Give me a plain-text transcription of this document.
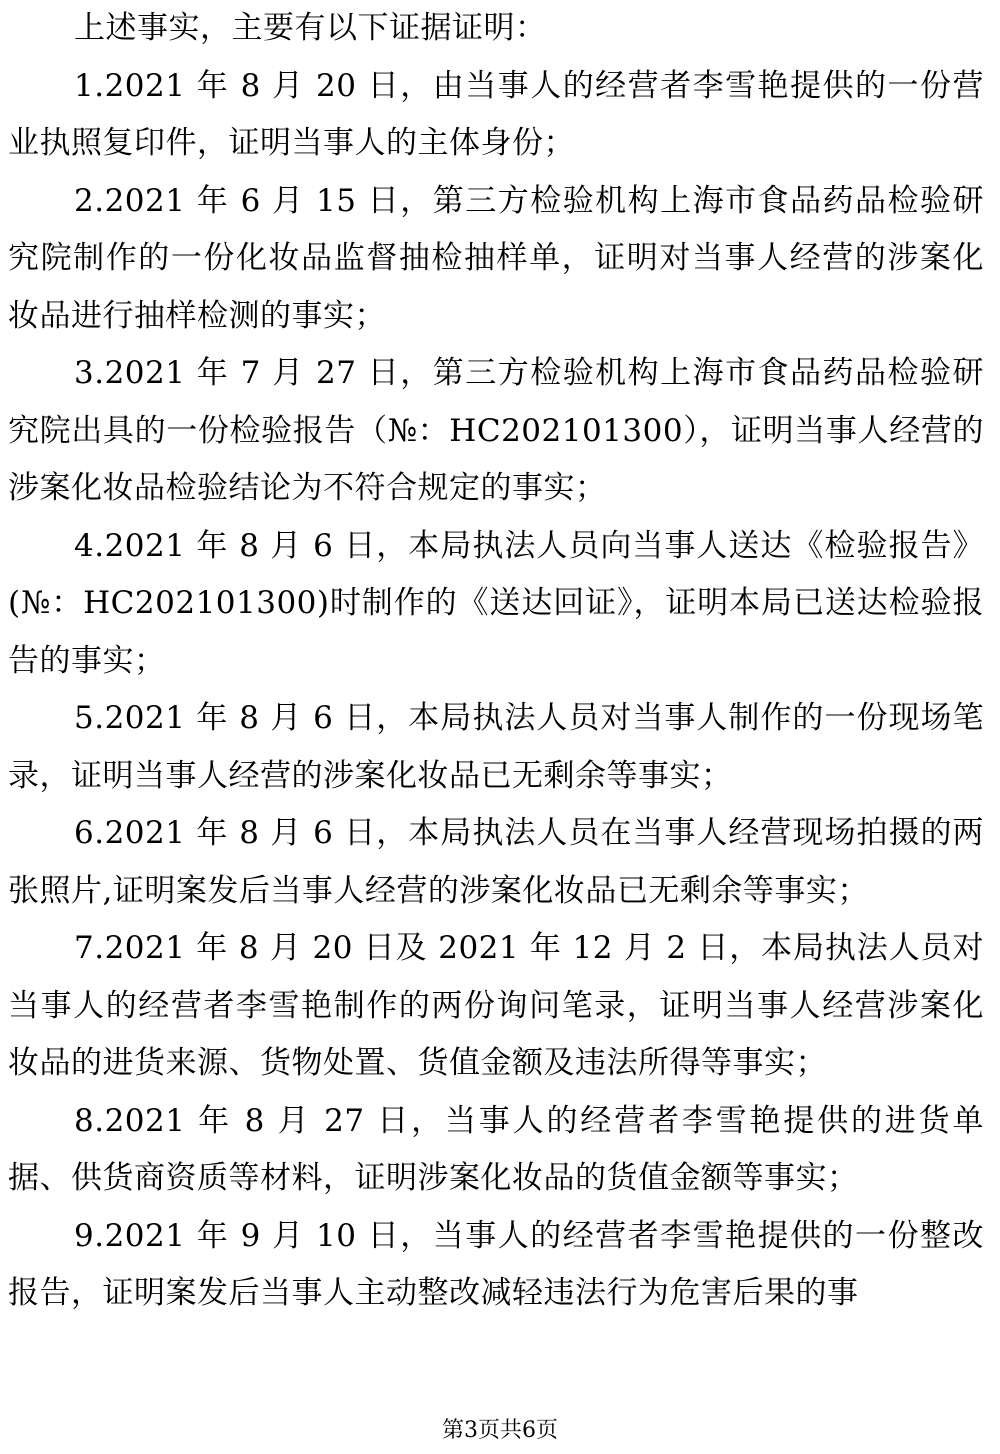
上述事实，主要有以下证据证明：

1.2021 年 8 月 20 日，由当事人的经营者李雪艳提供的一份营业执照复印件，证明当事人的主体身份；

2.2021 年 6 月 15 日，第三方检验机构上海市食品药品检验研究院制作的一份化妆品监督抽检抽样单，证明对当事人经营的涉案化妆品进行抽样检测的事实；

3.2021 年 7 月 27 日，第三方检验机构上海市食品药品检验研究院出具的一份检验报告（№：HC202101300），证明当事人经营的涉案化妆品检验结论为不符合规定的事实；

4.2021 年 8 月 6 日，本局执法人员向当事人送达《检验报告》(№：HC202101300)时制作的《送达回证》，证明本局已送达检验报告的事实；

5.2021 年 8 月 6 日，本局执法人员对当事人制作的一份现场笔录，证明当事人经营的涉案化妆品已无剩余等事实；

6.2021 年 8 月 6 日，本局执法人员在当事人经营现场拍摄的两张照片,证明案发后当事人经营的涉案化妆品已无剩余等事实；

7.2021 年 8 月 20 日及 2021 年 12 月 2 日，本局执法人员对当事人的经营者李雪艳制作的两份询问笔录，证明当事人经营涉案化妆品的进货来源、货物处置、货值金额及违法所得等事实；

8.2021 年 8 月 27 日，当事人的经营者李雪艳提供的进货单据、供货商资质等材料，证明涉案化妆品的货值金额等事实；

9.2021 年 9 月 10 日，当事人的经营者李雪艳提供的一份整改报告，证明案发后当事人主动整改减轻违法行为危害后果的事

第3页共6页
